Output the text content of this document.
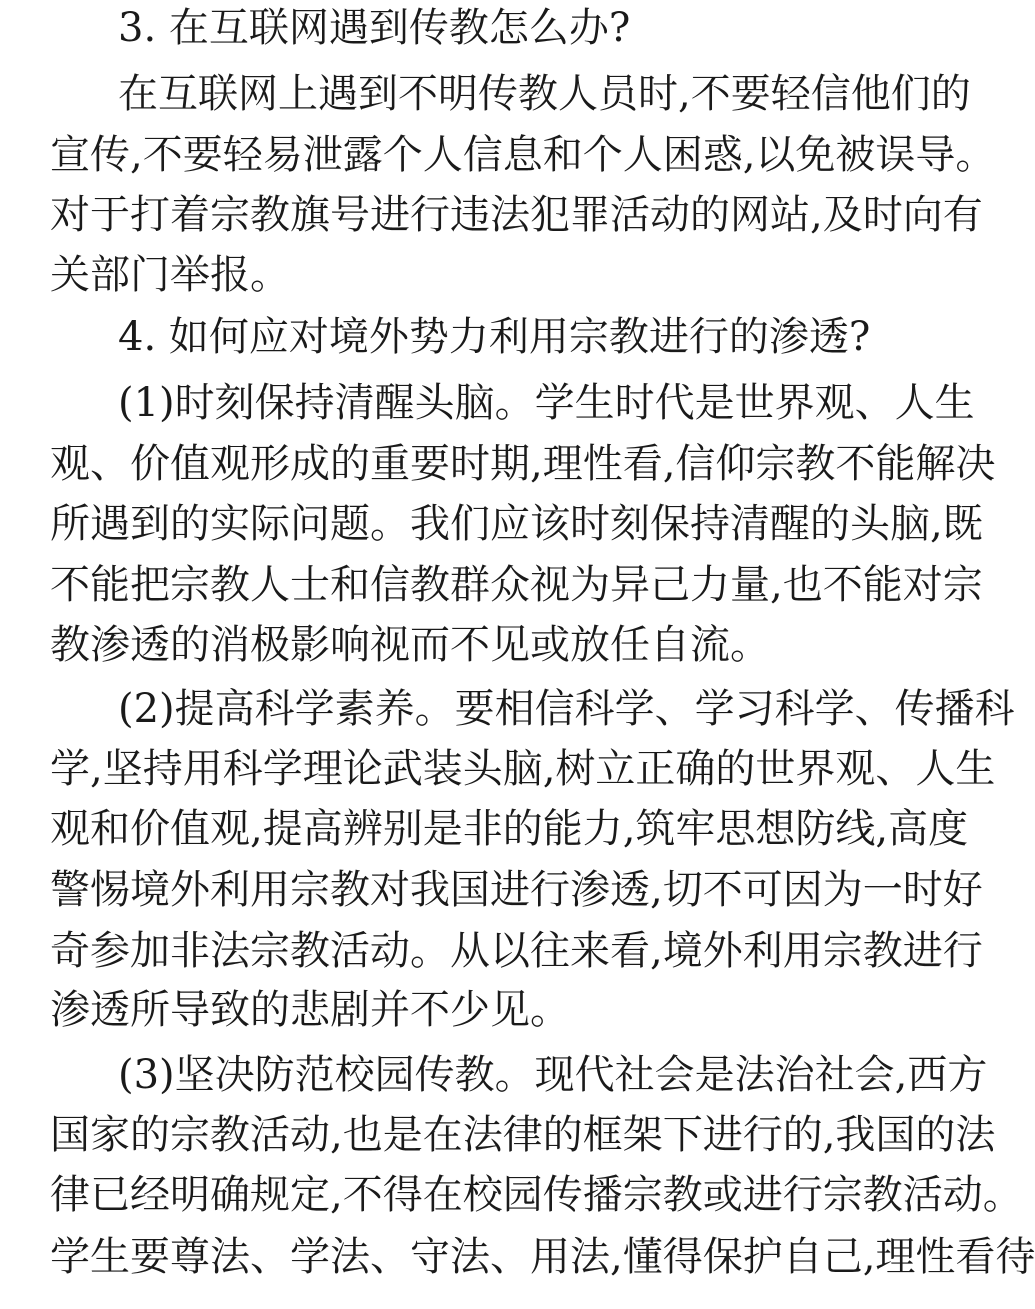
3. 在互联网遇到传教怎么办?
在互联网上遇到不明传教人员时,不要轻信他们的
宣传,不要轻易泄露个人信息和个人困惑,以免被误导。
对于打着宗教旗号进行违法犯罪活动的网站,及时向有
关部门举报。
4. 如何应对境外势力利用宗教进行的渗透?
(1)时刻保持清醒头脑。学生时代是世界观、人生
观、价值观形成的重要时期,理性看,信仰宗教不能解决
所遇到的实际问题。我们应该时刻保持清醒的头脑,既
不能把宗教人士和信教群众视为异己力量,也不能对宗
教渗透的消极影响视而不见或放任自流。
(2)提高科学素养。要相信科学、学习科学、传播科
学,坚持用科学理论武装头脑,树立正确的世界观、人生
观和价值观,提高辨别是非的能力,筑牢思想防线,高度
警惕境外利用宗教对我国进行渗透,切不可因为一时好
奇参加非法宗教活动。从以往来看,境外利用宗教进行
渗透所导致的悲剧并不少见。
(3)坚决防范校园传教。现代社会是法治社会,西方
国家的宗教活动,也是在法律的框架下进行的,我国的法
律已经明确规定,不得在校园传播宗教或进行宗教活动。
学生要尊法、学法、守法、用法,懂得保护自己,理性看待
